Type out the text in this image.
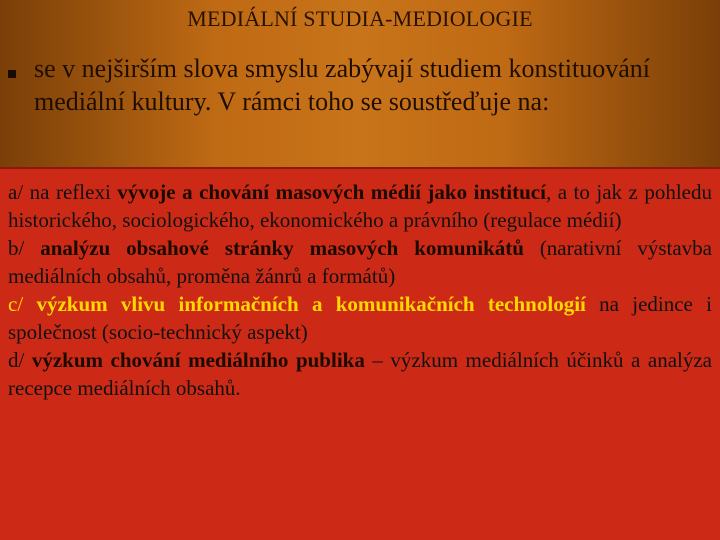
MEDIÁLNÍ STUDIA-MEDIOLOGIE
se v nejširším slova smyslu zabývají studiem konstituování mediální kultury. V rámci toho se soustřeďuje na:

a/ na reflexi vývoje a chování masových médií jako institucí, a to jak z pohledu historického, sociologického, ekonomického a právního (regulace médií)

b/ analýzu obsahové stránky masových komunikátů (narativní výstavba mediálních obsahů, proměna žánrů a formátů)

c/ výzkum vlivu informačních a komunikačních technologií na jedince i společnost (socio-technický aspekt)

d/ výzkum chování mediálního publika – výzkum mediálních účinků a analýza recepce mediálních obsahů.
